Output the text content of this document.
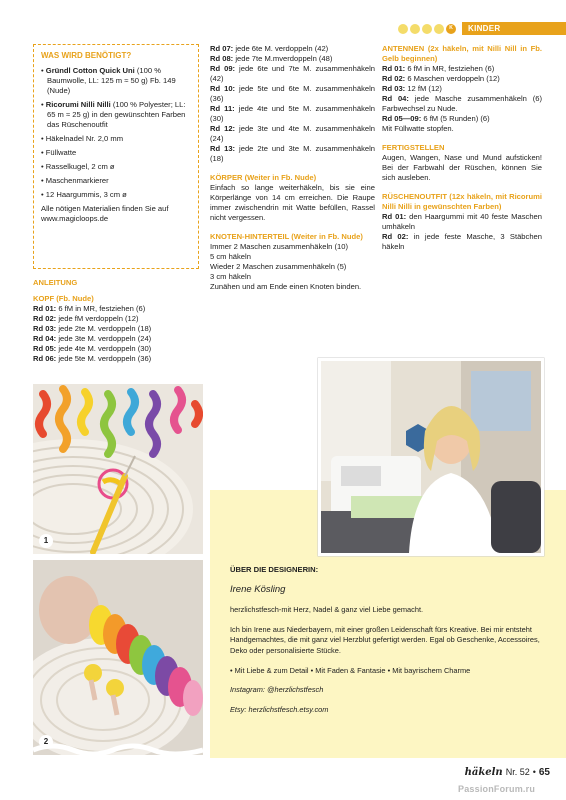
K	KINDER
WAS WIRD BENÖTIGT?
• Gründl Cotton Quick Uni (100 % Baumwolle, LL: 125 m ≈ 50 g) Fb. 149 (Nude)
• Ricorumi Nilli Nilli (100 % Polyester; LL: 65 m ≈ 25 g) in den gewünschten Farben das Rüschenoutfit
• Häkelnadel Nr. 2,0 mm
• Füllwatte
• Rasselkugel, 2 cm ø
• Maschenmarkierer
• 12 Haargummis, 3 cm ø
Alle nötigen Materialien finden Sie auf www.magicloops.de
ANLEITUNG
KOPF (Fb. Nude)
Rd 01: 6 fM in MR, festziehen (6)
Rd 02: jede fM verdoppeln (12)
Rd 03: jede 2te M. verdoppeln (18)
Rd 04: jede 3te M. verdoppeln (24)
Rd 05: jede 4te M. verdoppeln (30)
Rd 06: jede 5te M. verdoppeln (36)
Rd 07: jede 6te M. verdoppeln (42)
Rd 08: jede 7te M.mverdoppeln (48)
Rd 09: jede 6te und 7te M. zusammenhäkeln (42)
Rd 10: jede 5te und 6te M. zusammenhäkeln (36)
Rd 11: jede 4te und 5te M. zusammenhäkeln (30)
Rd 12: jede 3te und 4te M. zusammenhäkeln (24)
Rd 13: jede 2te und 3te M. zusammenhäkeln (18)
KÖRPER (Weiter in Fb. Nude)
Einfach so lange weiterhäkeln, bis sie eine Körperlänge von 14 cm erreichen. Die Raupe immer zwischendrin mit Watte befüllen, Rassel nicht vergessen.
KNOTEN-HINTERTEIL (Weiter in Fb. Nude)
Immer 2 Maschen zusammenhäkeln (10)
5 cm häkeln
Wieder 2 Maschen zusammenhäkeln (5)
3 cm häkeln
Zunähen und am Ende einen Knoten binden.
ANTENNEN (2x häkeln, mit Nilli Nill in Fb. Gelb beginnen)
Rd 01: 6 fM in MR, festziehen (6)
Rd 02: 6 Maschen verdoppeln (12)
Rd 03: 12 fM (12)
Rd 04: jede Masche zusammenhäkeln (6) Farbwechsel zu Nude.
Rd 05—09: 6 fM (5 Runden) (6)
Mit Füllwatte stopfen.
FERTIGSTELLEN
Augen, Wangen, Nase und Mund aufsticken! Bei der Farbwahl der Rüschen, können Sie sich ausleben.
RÜSCHENOUTFIT (12x häkeln, mit Ricorumi Nilli Nilli in gewünschten Farben)
Rd 01: den Haargummi mit 40 feste Maschen umhäkeln
Rd 02: in jede feste Masche, 3 Stäbchen häkeln
1
2
ÜBER DIE DESIGNERIN:
Irene Kösling

herzlichstfesch-mit Herz, Nadel & ganz viel Liebe gemacht.

Ich bin Irene aus Niederbayern, mit einer großen Leidenschaft fürs Kreative. Bei mir entsteht Handgemachtes, die mit ganz viel Herzblut gefertigt werden. Egal ob Geschenke, Accessoires, Deko oder personalisierte Stücke.

• Mit Liebe & zum Detail • Mit Faden & Fantasie • Mit bayrischem Charme

Instagram: @herzlichstfesch

Etsy: herzlichstfesch.etsy.com

häkeln Nr. 52 • 65
PassionForum.ru
